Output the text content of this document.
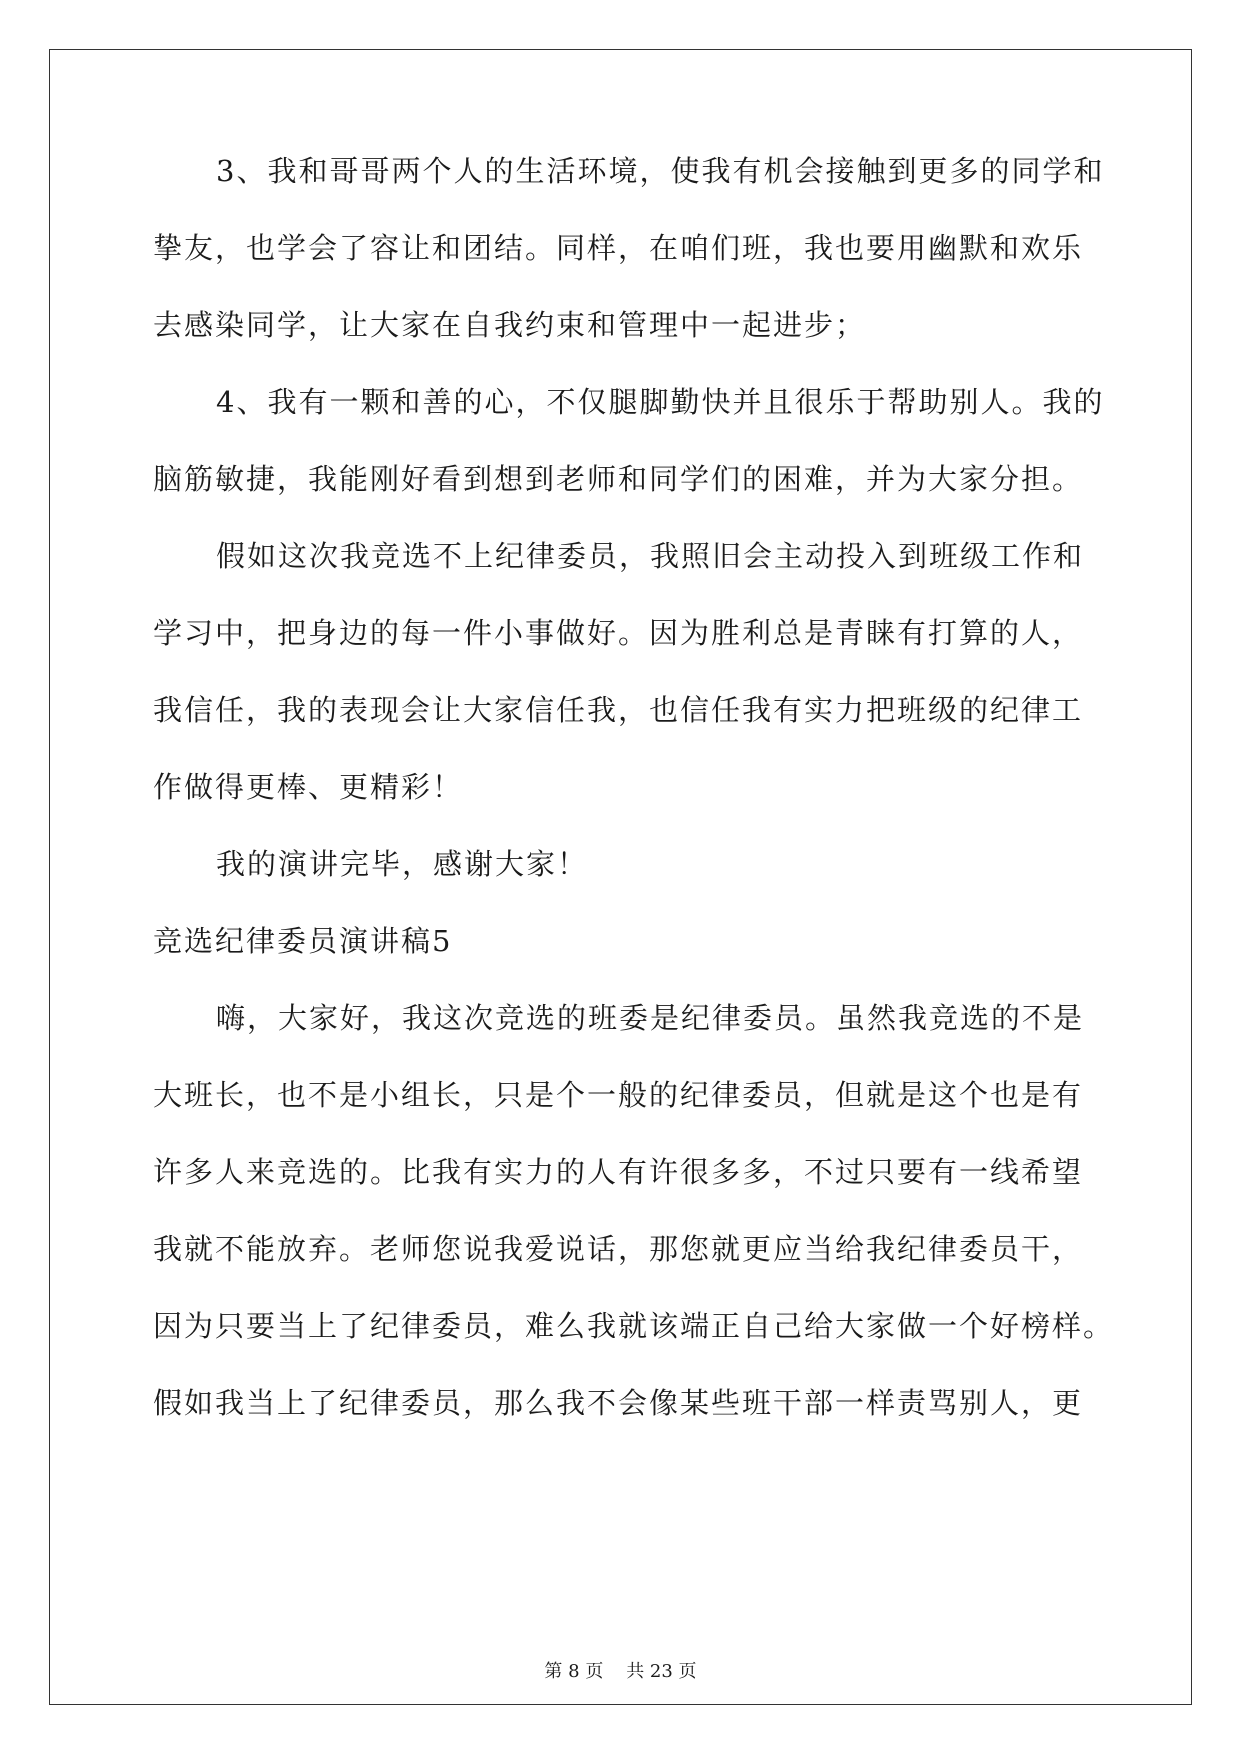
3、我和哥哥两个人的生活环境，使我有机会接触到更多的同学和
挚友，也学会了容让和团结。同样，在咱们班，我也要用幽默和欢乐
去感染同学，让大家在自我约束和管理中一起进步；
4、我有一颗和善的心，不仅腿脚勤快并且很乐于帮助别人。我的
脑筋敏捷，我能刚好看到想到老师和同学们的困难，并为大家分担。
假如这次我竞选不上纪律委员，我照旧会主动投入到班级工作和
学习中，把身边的每一件小事做好。因为胜利总是青睐有打算的人，
我信任，我的表现会让大家信任我，也信任我有实力把班级的纪律工
作做得更棒、更精彩！
我的演讲完毕，感谢大家！
竞选纪律委员演讲稿5
嗨，大家好，我这次竞选的班委是纪律委员。虽然我竞选的不是
大班长，也不是小组长，只是个一般的纪律委员，但就是这个也是有
许多人来竞选的。比我有实力的人有许很多多，不过只要有一线希望
我就不能放弃。老师您说我爱说话，那您就更应当给我纪律委员干，
因为只要当上了纪律委员，难么我就该端正自己给大家做一个好榜样。
假如我当上了纪律委员，那么我不会像某些班干部一样责骂别人，更
第 8 页    共 23 页
